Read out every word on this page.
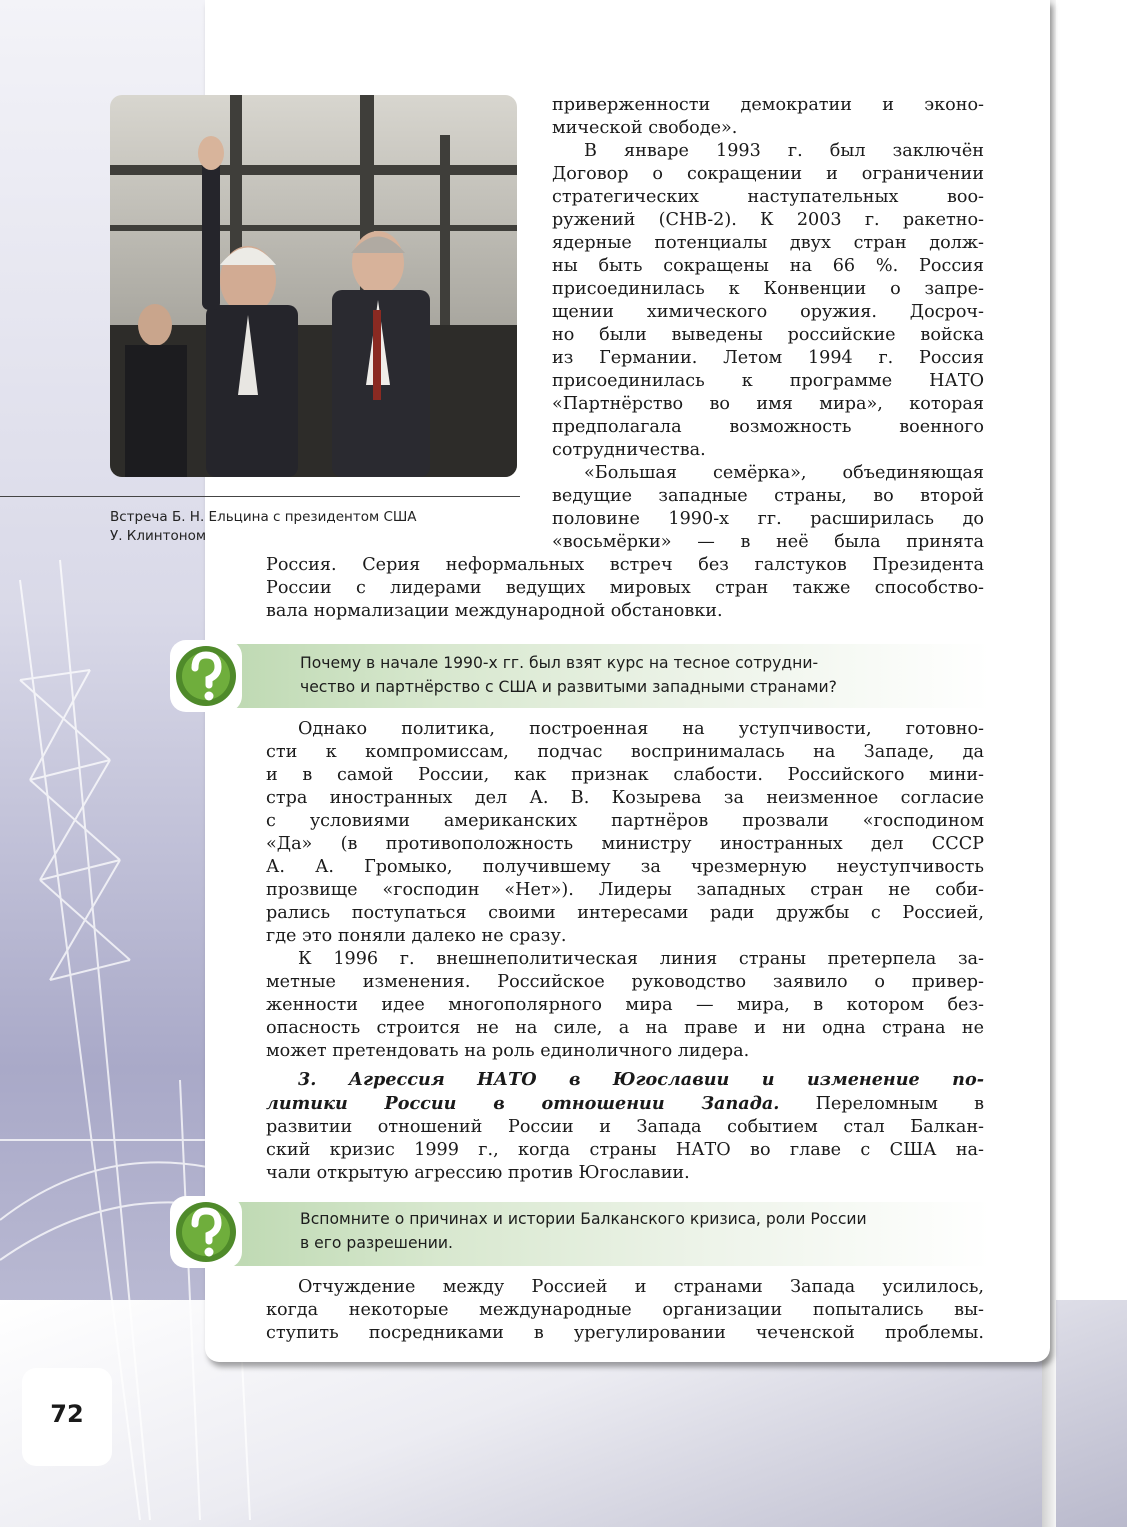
Встреча Б. Н. Ельцина с президентом США
У. Клинтоном
приверженности демократии и эконо-
мической свободе».
В январе 1993 г. был заключён
Договор о сокращении и ограничении
стратегических наступательных воо-
ружений (СНВ-2). К 2003 г. ракетно-
ядерные потенциалы двух стран долж-
ны быть сокращены на 66 %. Россия
присоединилась к Конвенции о запре-
щении химического оружия. Досроч-
но были выведены российские войска
из Германии. Летом 1994 г. Россия
присоединилась к программе НАТО
«Партнёрство во имя мира», которая
предполагала возможность военного
сотрудничества.
«Большая семёрка», объединяющая
ведущие западные страны, во второй
половине 1990-х гг. расширилась до
«восьмёрки» — в неё была принята
Россия. Серия неформальных встреч без галстуков Президента
России с лидерами ведущих мировых стран также способство-
вала нормализации международной обстановки.
Почему в начале 1990-х гг. был взят курс на тесное сотрудни-
чество и партнёрство с США и развитыми западными странами?
Однако политика, построенная на уступчивости, готовно-
сти к компромиссам, подчас воспринималась на Западе, да
и в самой России, как признак слабости. Российского мини-
стра иностранных дел А. В. Козырева за неизменное согласие
с условиями американских партнёров прозвали «господином
«Да» (в противоположность министру иностранных дел СССР
А. А. Громыко, получившему за чрезмерную неуступчивость
прозвище «господин «Нет»). Лидеры западных стран не соби-
рались поступаться своими интересами ради дружбы с Россией,
где это поняли далеко не сразу.
К 1996 г. внешнеполитическая линия страны претерпела за-
метные изменения. Российское руководство заявило о привер-
женности идее многополярного мира — мира, в котором без-
опасность строится не на силе, а на праве и ни одна страна не
может претендовать на роль единоличного лидера.
3. Агрессия НАТО в Югославии и изменение по-
литики России в отношении Запада. Переломным в
развитии отношений России и Запада событием стал Балкан-
ский кризис 1999 г., когда страны НАТО во главе с США на-
чали открытую агрессию против Югославии.
Вспомните о причинах и истории Балканского кризиса, роли России
в его разрешении.
Отчуждение между Россией и странами Запада усилилось,
когда некоторые международные организации попытались вы-
ступить посредниками в урегулировании чеченской проблемы.
72
